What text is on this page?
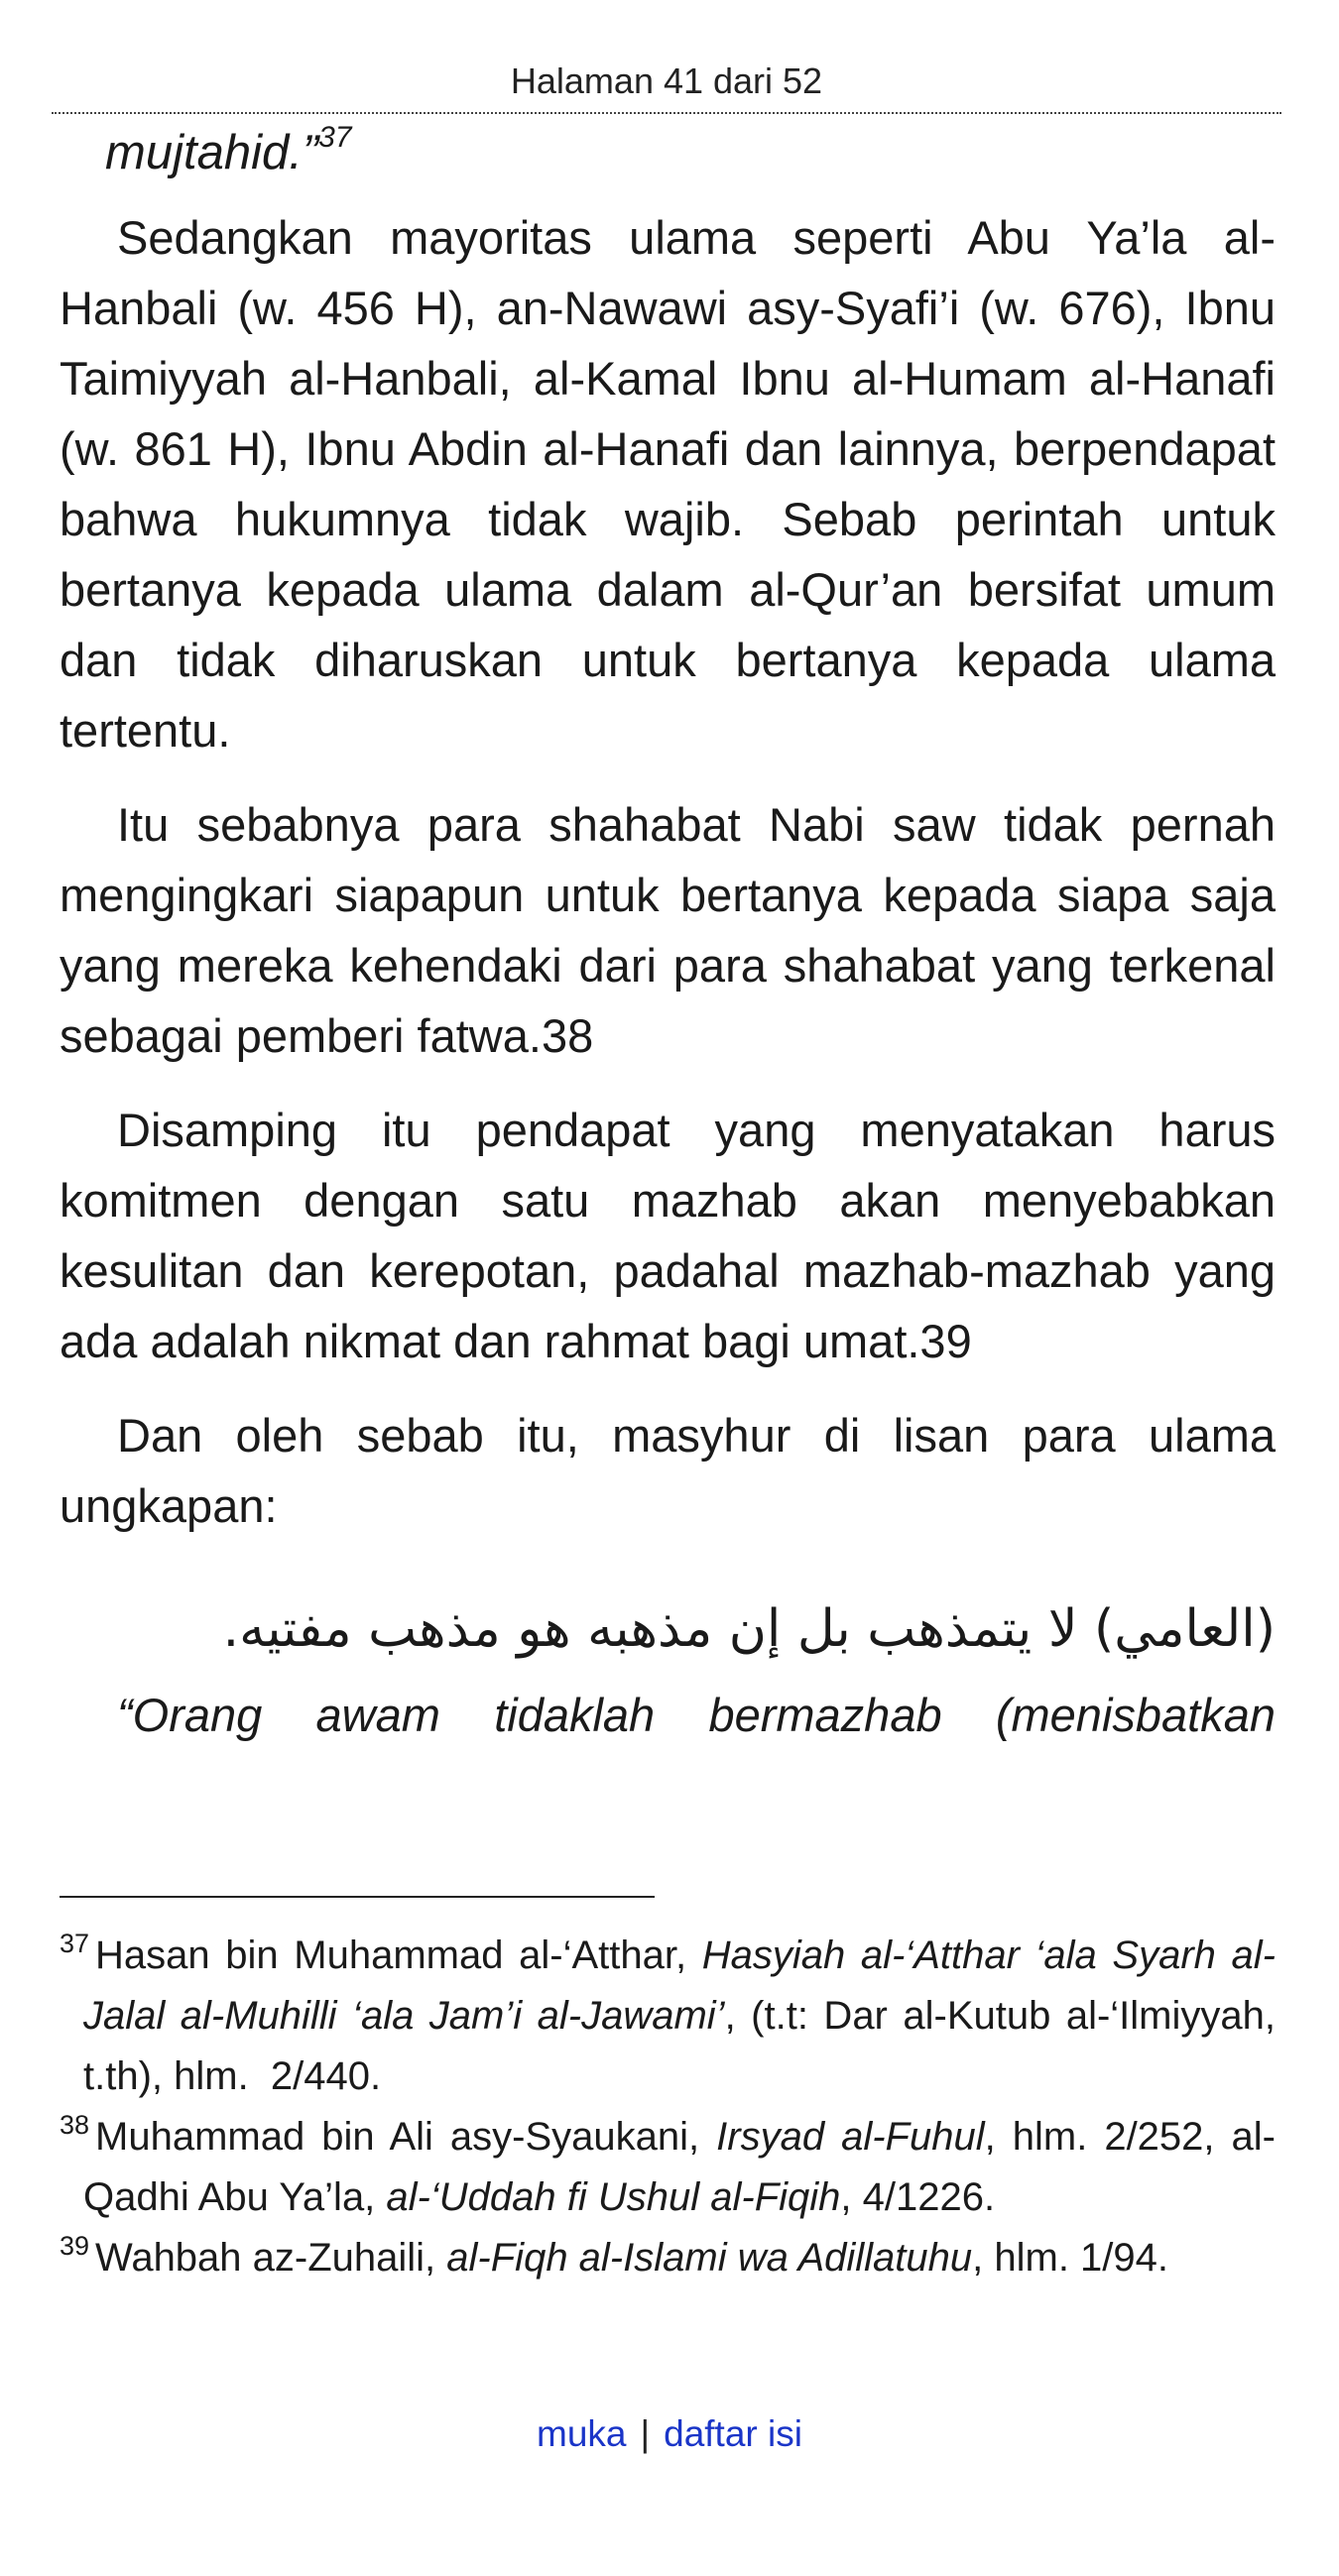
Halaman 41 dari 52

mujtahid.”$^{37}$

Sedangkan mayoritas ulama seperti Abu Ya’la al-Hanbali (w. 456 H), an-Nawawi asy-Syafi’i (w. 676), Ibnu Taimiyyah al-Hanbali, al-Kamal Ibnu al-Humam al-Hanafi (w. 861 H), Ibnu Abdin al-Hanafi dan lainnya, berpendapat bahwa hukumnya tidak wajib. Sebab perintah untuk bertanya kepada ulama dalam al-Qur’an bersifat umum dan tidak diharuskan untuk bertanya kepada ulama tertentu.

Itu sebabnya para shahabat Nabi saw tidak pernah mengingkari siapapun untuk bertanya kepada siapa saja yang mereka kehendaki dari para shahabat yang terkenal sebagai pemberi fatwa.38

Disamping itu pendapat yang menyatakan harus komitmen dengan satu mazhab akan menyebabkan kesulitan dan kerepotan, padahal mazhab-mazhab yang ada adalah nikmat dan rahmat bagi umat.39

Dan oleh sebab itu, masyhur di lisan para ulama ungkapan:

(العامي) لا يتمذهب بل إن مذهبه هو مذهب مفتيه.

“Orang awam tidaklah bermazhab (menisbatkan

$^{37}$ Hasan bin Muhammad al-‘Atthar, Hasyiah al-‘Atthar ‘ala Syarh al-Jalal al-Muhilli ‘ala Jam’i al-Jawami’, (t.t: Dar al-Kutub al-‘Ilmiyyah, t.th), hlm.  2/440.

$^{38}$ Muhammad bin Ali asy-Syaukani, Irsyad al-Fuhul, hlm. 2/252, al-Qadhi Abu Ya’la, al-‘Uddah fi Ushul al-Fiqih, 4/1226.

$^{39}$ Wahbah az-Zuhaili, al-Fiqh al-Islami wa Adillatuhu, hlm. 1/94.

muka | daftar isi
